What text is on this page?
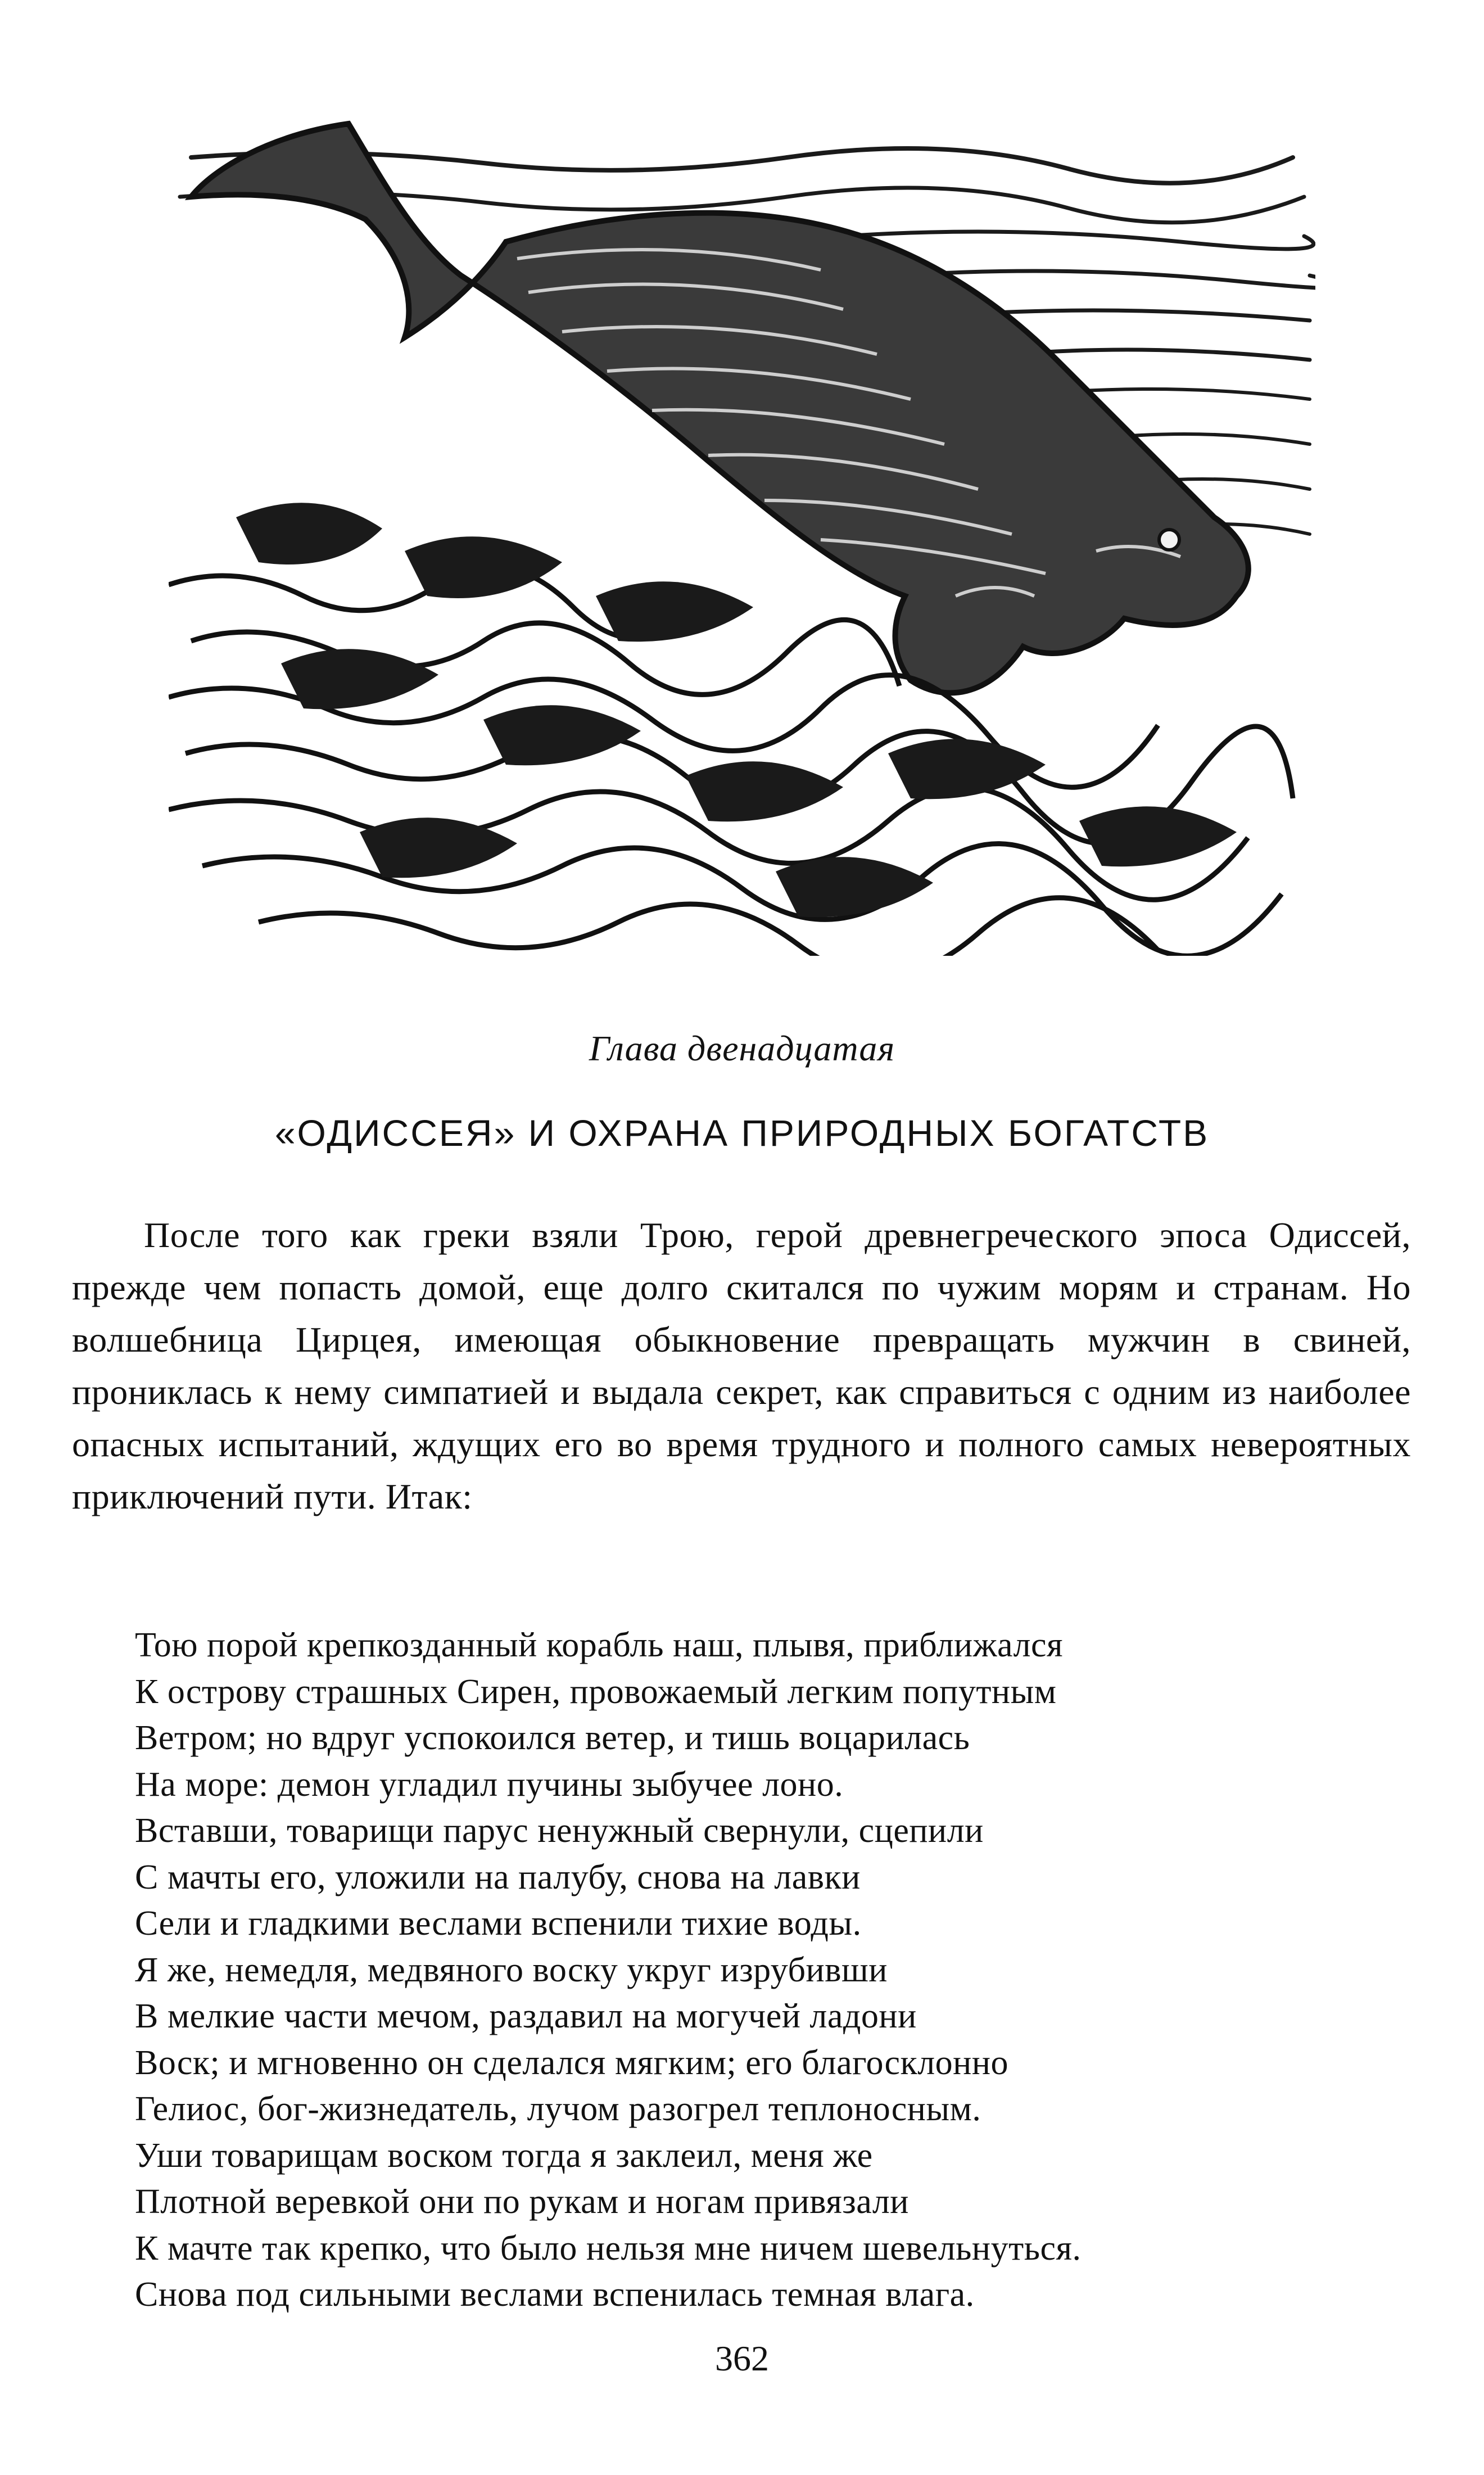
Глава двенадцатая
«ОДИССЕЯ» И ОХРАНА ПРИРОДНЫХ БОГАТСТВ

После того как греки взяли Трою, герой древнегреческого эпоса Одиссей, прежде чем попасть домой, еще долго скитался по чужим морям и странам. Но волшебница Цирцея, имеющая обыкновение превращать мужчин в свиней, прониклась к нему симпатией и выдала секрет, как справиться с одним из наиболее опасных испытаний, ждущих его во время трудного и полного самых невероятных приключений пути. Итак:

Тою порой крепкозданный корабль наш, плывя, приближался
К острову страшных Сирен, провожаемый легким попутным
Ветром; но вдруг успокоился ветер, и тишь воцарилась
На море: демон угладил пучины зыбучее лоно.
Вставши, товарищи парус ненужный свернули, сцепили
С мачты его, уложили на палубу, снова на лавки
Сели и гладкими веслами вспенили тихие воды.
Я же, немедля, медвяного воску укруг изрубивши
В мелкие части мечом, раздавил на могучей ладони
Воск; и мгновенно он сделался мягким; его благосклонно
Гелиос, бог-жизнедатель, лучом разогрел теплоносным.
Уши товарищам воском тогда я заклеил, меня же
Плотной веревкой они по рукам и ногам привязали
К мачте так крепко, что было нельзя мне ничем шевельнуться.
Снова под сильными веслами вспенилась темная влага.
362
